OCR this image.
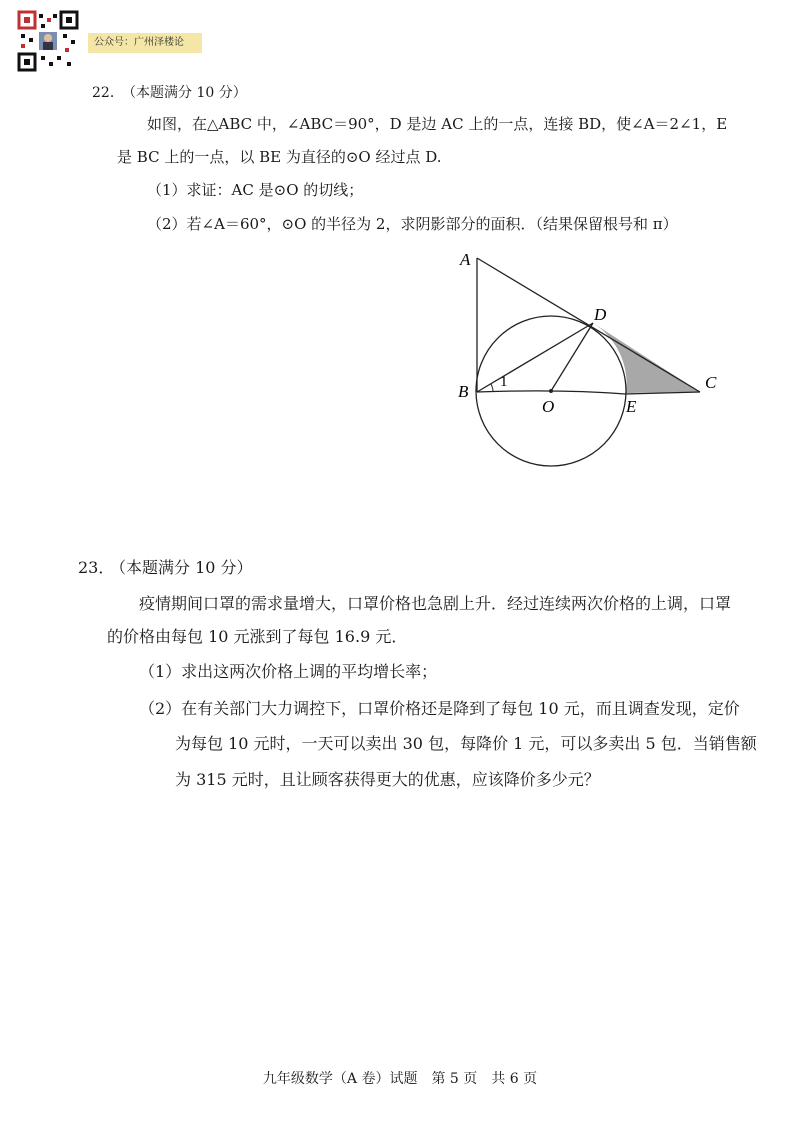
公众号：广州泽楼论
22．
（本题满分 10 分）
如图，在△ABC 中，∠ABC＝90°，D 是边 AC 上的一点，连接 BD，使∠A＝2∠1，E
是 BC 上的一点，以 BE 为直径的⊙O 经过点 D.
（1）求证：AC 是⊙O 的切线；
（2）若∠A＝60°，⊙O 的半径为 2，求阴影部分的面积．（结果保留根号和 π）
A
B	C
D
O	E
1
23．
（本题满分 10 分）
疫情期间口罩的需求量增大，口罩价格也急剧上升．经过连续两次价格的上调，口罩
的价格由每包 10 元涨到了每包 16.9 元．
（1）求出这两次价格上调的平均增长率；
（2）在有关部门大力调控下，口罩价格还是降到了每包 10 元，而且调查发现，定价
为每包 10 元时，一天可以卖出 30 包，每降价 1 元，可以多卖出 5 包．当销售额
为 315 元时，且让顾客获得更大的优惠，应该降价多少元？
九年级数学（A 卷）试题　第 5 页　共 6 页
